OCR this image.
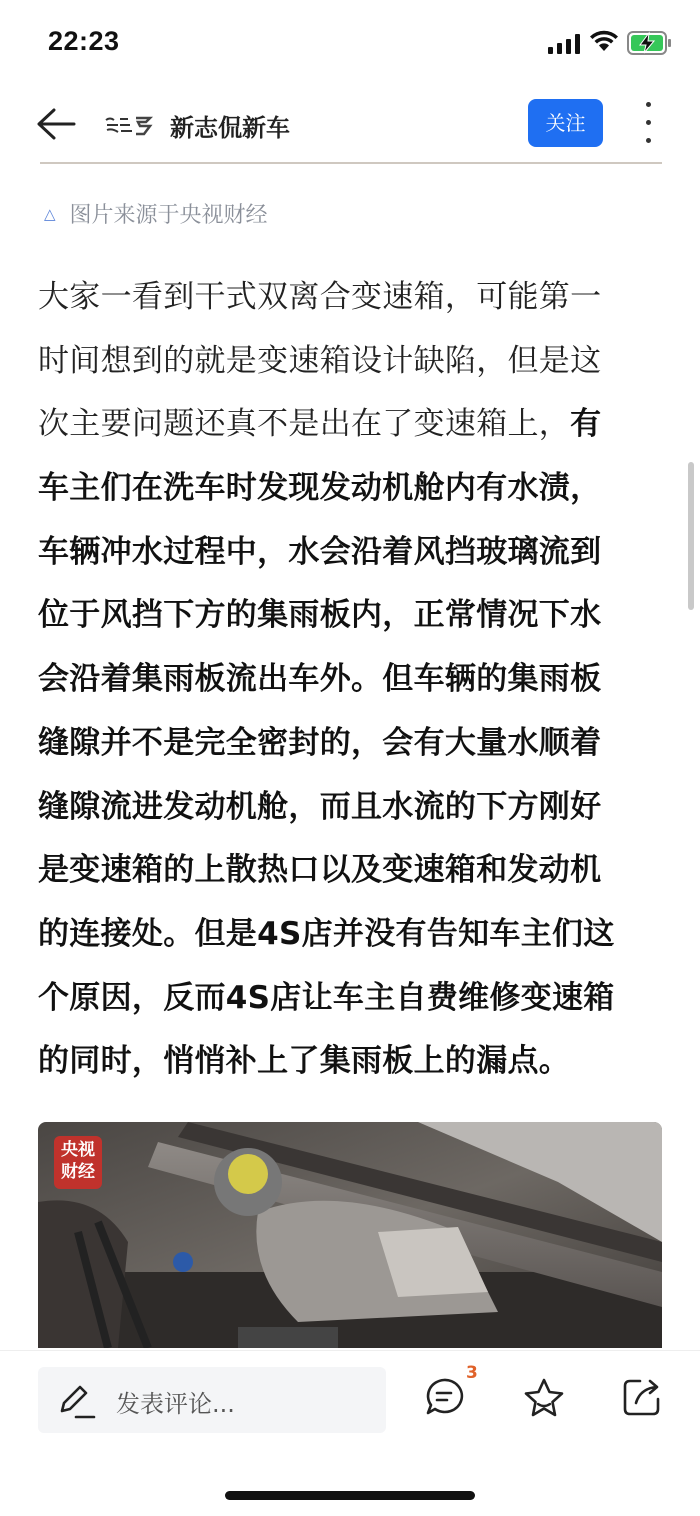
22:23
新志侃新车	关注
△ 图片来源于央视财经
大家一看到干式双离合变速箱，可能第一
时间想到的就是变速箱设计缺陷，但是这
次主要问题还真不是出在了变速箱上，有
车主们在洗车时发现发动机舱内有水渍，
车辆冲水过程中，水会沿着风挡玻璃流到
位于风挡下方的集雨板内，正常情况下水
会沿着集雨板流出车外。但车辆的集雨板
缝隙并不是完全密封的，会有大量水顺着
缝隙流进发动机舱，而且水流的下方刚好
是变速箱的上散热口以及变速箱和发动机
的连接处。但是4S店并没有告知车主们这
个原因，反而4S店让车主自费维修变速箱
的同时，悄悄补上了集雨板上的漏点。
央视
财经
发表评论...
3
